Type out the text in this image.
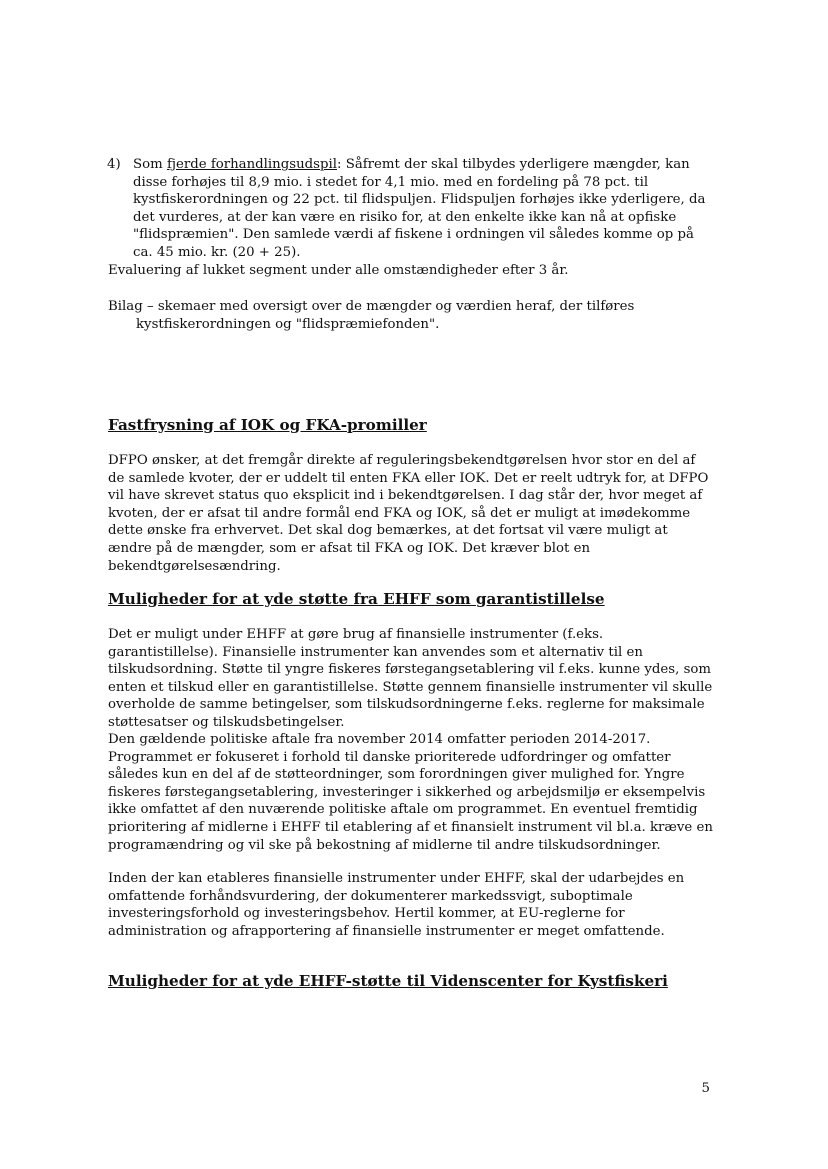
4) Som fjerde forhandlingsudspil: Såfremt der skal tilbydes yderligere mængder, kan disse forhøjes til 8,9 mio. i stedet for 4,1 mio. med en fordeling på 78 pct. til kystfiskerordningen og 22 pct. til flidspuljen. Flidspuljen forhøjes ikke yderligere, da det vurderes, at der kan være en risiko for, at den enkelte ikke kan nå at opfiske "flidspræmien". Den samlede værdi af fiskene i ordningen vil således komme op på ca. 45 mio. kr. (20 + 25).
Evaluering af lukket segment under alle omstændigheder efter 3 år.
Bilag – skemaer med oversigt over de mængder og værdien heraf, der tilføres kystfiskerordningen og "flidspræmiefonden".
Fastfrysning af IOK og FKA-promiller
DFPO ønsker, at det fremgår direkte af reguleringsbekendtgørelsen hvor stor en del af de samlede kvoter, der er uddelt til enten FKA eller IOK. Det er reelt udtryk for, at DFPO vil have skrevet status quo eksplicit ind i bekendtgørelsen. I dag står der, hvor meget af kvoten, der er afsat til andre formål end FKA og IOK, så det er muligt at imødekomme dette ønske fra erhvervet. Det skal dog bemærkes, at det fortsat vil være muligt at ændre på de mængder, som er afsat til FKA og IOK. Det kræver blot en bekendtgørelsesændring.
Muligheder for at yde støtte fra EHFF som garantistillelse
Det er muligt under EHFF at gøre brug af finansielle instrumenter (f.eks. garantistillelse). Finansielle instrumenter kan anvendes som et alternativ til en tilskudsordning. Støtte til yngre fiskeres førstegangsetablering vil f.eks. kunne ydes, som enten et tilskud eller en garantistillelse. Støtte gennem finansielle instrumenter vil skulle overholde de samme betingelser, som tilskudsordningerne f.eks. reglerne for maksimale støttesatser og tilskudsbetingelser.
Den gældende politiske aftale fra november 2014 omfatter perioden 2014-2017. Programmet er fokuseret i forhold til danske prioriterede udfordringer og omfatter således kun en del af de støtteordninger, som forordningen giver mulighed for. Yngre fiskeres førstegangsetablering, investeringer i sikkerhed og arbejdsmiljø er eksempelvis ikke omfattet af den nuværende politiske aftale om programmet. En eventuel fremtidig prioritering af midlerne i EHFF til etablering af et finansielt instrument vil bl.a. kræve en programændring og vil ske på bekostning af midlerne til andre tilskudsordninger.
Inden der kan etableres finansielle instrumenter under EHFF, skal der udarbejdes en omfattende forhåndsvurdering, der dokumenterer markedssvigt, suboptimale investeringsforhold og investeringsbehov. Hertil kommer, at EU-reglerne for administration og afrapportering af finansielle instrumenter er meget omfattende.
Muligheder for at yde EHFF-støtte til Videnscenter for Kystfiskeri
5
